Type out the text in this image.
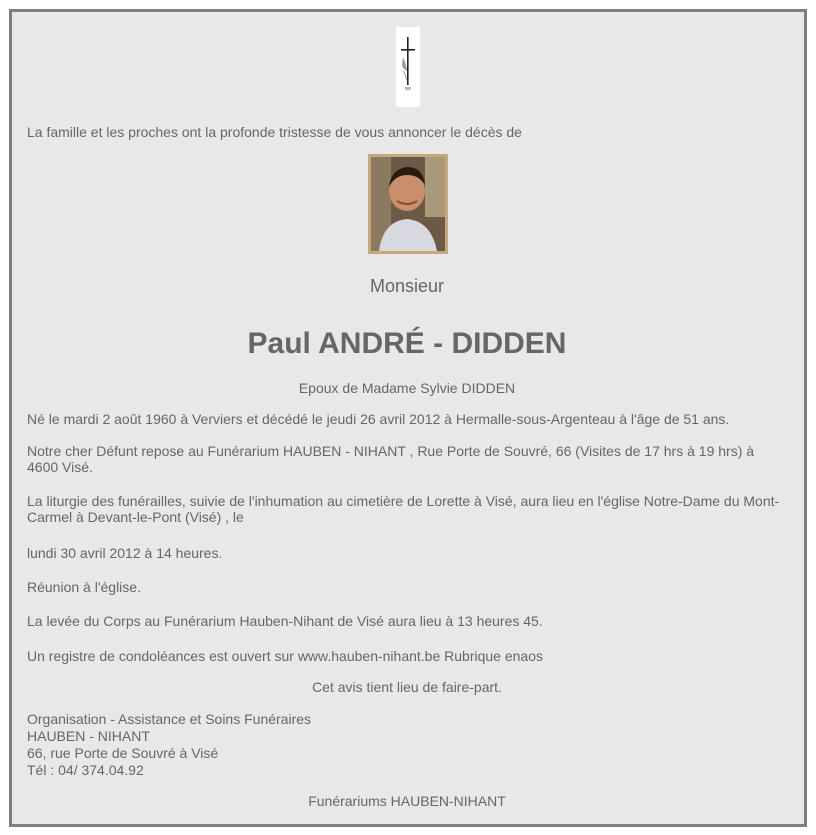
La famille et les proches ont la profonde tristesse de vous annoncer le décès de

Monsieur
Paul ANDRÉ - DIDDEN

Epoux de Madame Sylvie DIDDEN

Né le mardi 2 août 1960 à Verviers et décédé le jeudi 26 avril 2012 à Hermalle-sous-Argenteau à l'âge de 51 ans.

Notre cher Défunt repose au Funérarium HAUBEN - NIHANT , Rue Porte de Souvré, 66 (Visites de 17 hrs à 19 hrs) à 4600 Visé.

La liturgie des funérailles, suivie de l'inhumation au cimetière de Lorette à Visé, aura lieu en l'église Notre-Dame du Mont-Carmel à Devant-le-Pont (Visé) , le

lundi 30 avril 2012 à 14 heures.

Réunion à l'église.

La levée du Corps au Funérarium Hauben-Nihant de Visé aura lieu à 13 heures 45.

Un registre de condoléances est ouvert sur www.hauben-nihant.be Rubrique enaos

Cet avis tient lieu de faire-part.

Organisation - Assistance et Soins Funéraires

HAUBEN - NIHANT

66, rue Porte de Souvré à Visé

Tél : 04/ 374.04.92

Funérariums HAUBEN-NIHANT
